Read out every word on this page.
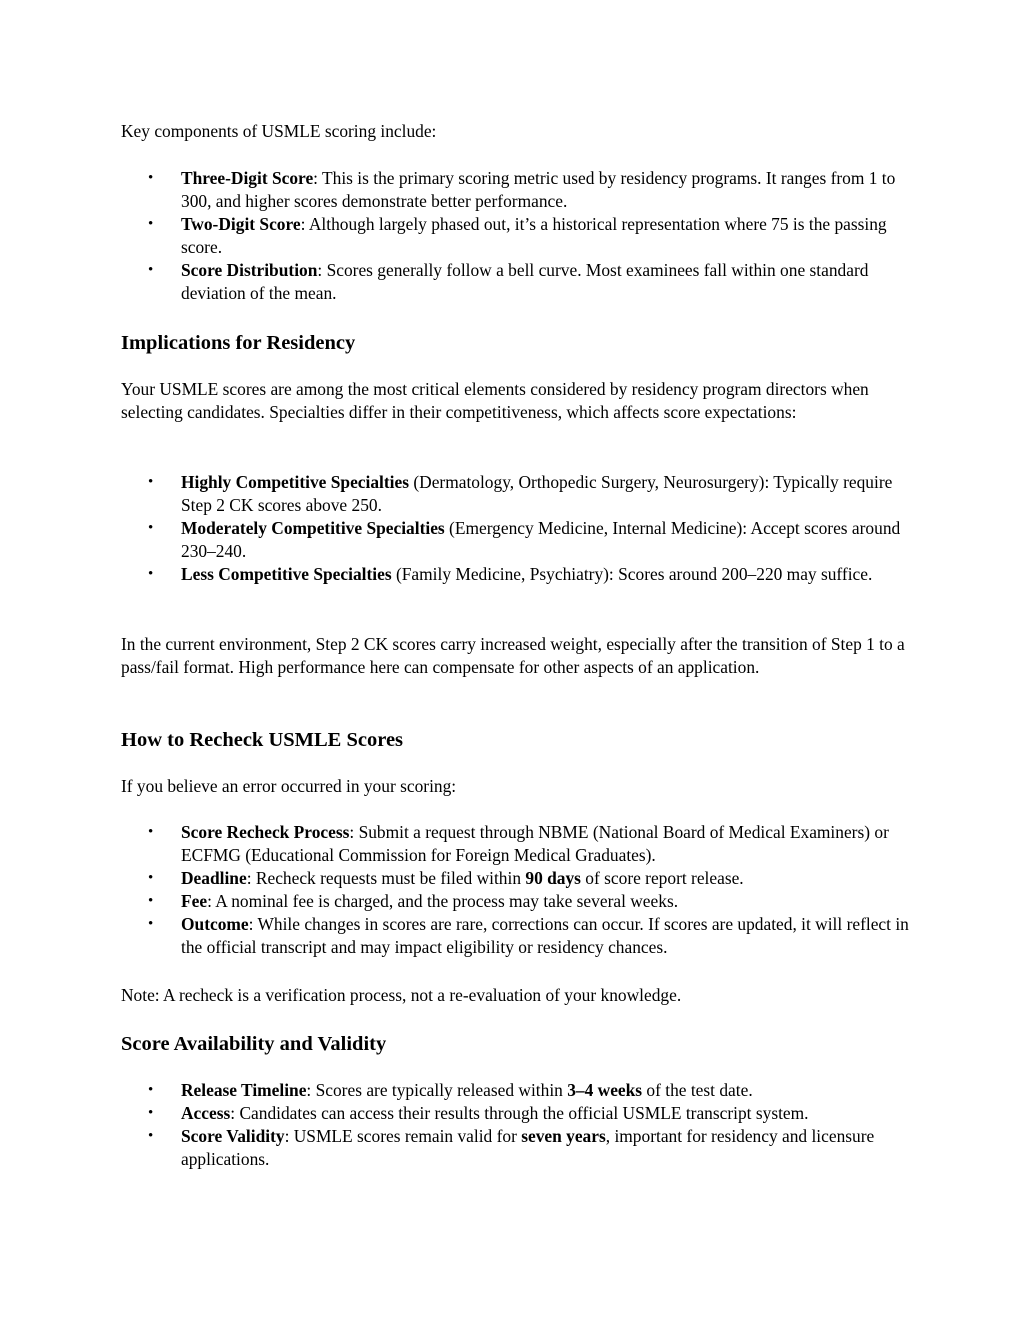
Key components of USMLE scoring include:

• Three-Digit Score: This is the primary scoring metric used by residency programs. It ranges from 1 to 300, and higher scores demonstrate better performance.
• Two-Digit Score: Although largely phased out, it’s a historical representation where 75 is the passing score.
• Score Distribution: Scores generally follow a bell curve. Most examinees fall within one standard deviation of the mean.
Implications for Residency

Your USMLE scores are among the most critical elements considered by residency program directors when selecting candidates. Specialties differ in their competitiveness, which affects score expectations:

• Highly Competitive Specialties (Dermatology, Orthopedic Surgery, Neurosurgery): Typically require Step 2 CK scores above 250.
• Moderately Competitive Specialties (Emergency Medicine, Internal Medicine): Accept scores around 230–240.
• Less Competitive Specialties (Family Medicine, Psychiatry): Scores around 200–220 may suffice.

In the current environment, Step 2 CK scores carry increased weight, especially after the transition of Step 1 to a pass/fail format. High performance here can compensate for other aspects of an application.

How to Recheck USMLE Scores

If you believe an error occurred in your scoring:

• Score Recheck Process: Submit a request through NBME (National Board of Medical Examiners) or ECFMG (Educational Commission for Foreign Medical Graduates).
• Deadline: Recheck requests must be filed within 90 days of score report release.
• Fee: A nominal fee is charged, and the process may take several weeks.
• Outcome: While changes in scores are rare, corrections can occur. If scores are updated, it will reflect in the official transcript and may impact eligibility or residency chances.

Note: A recheck is a verification process, not a re-evaluation of your knowledge.

Score Availability and Validity
• Release Timeline: Scores are typically released within 3–4 weeks of the test date.
• Access: Candidates can access their results through the official USMLE transcript system.
• Score Validity: USMLE scores remain valid for seven years, important for residency and licensure applications.
